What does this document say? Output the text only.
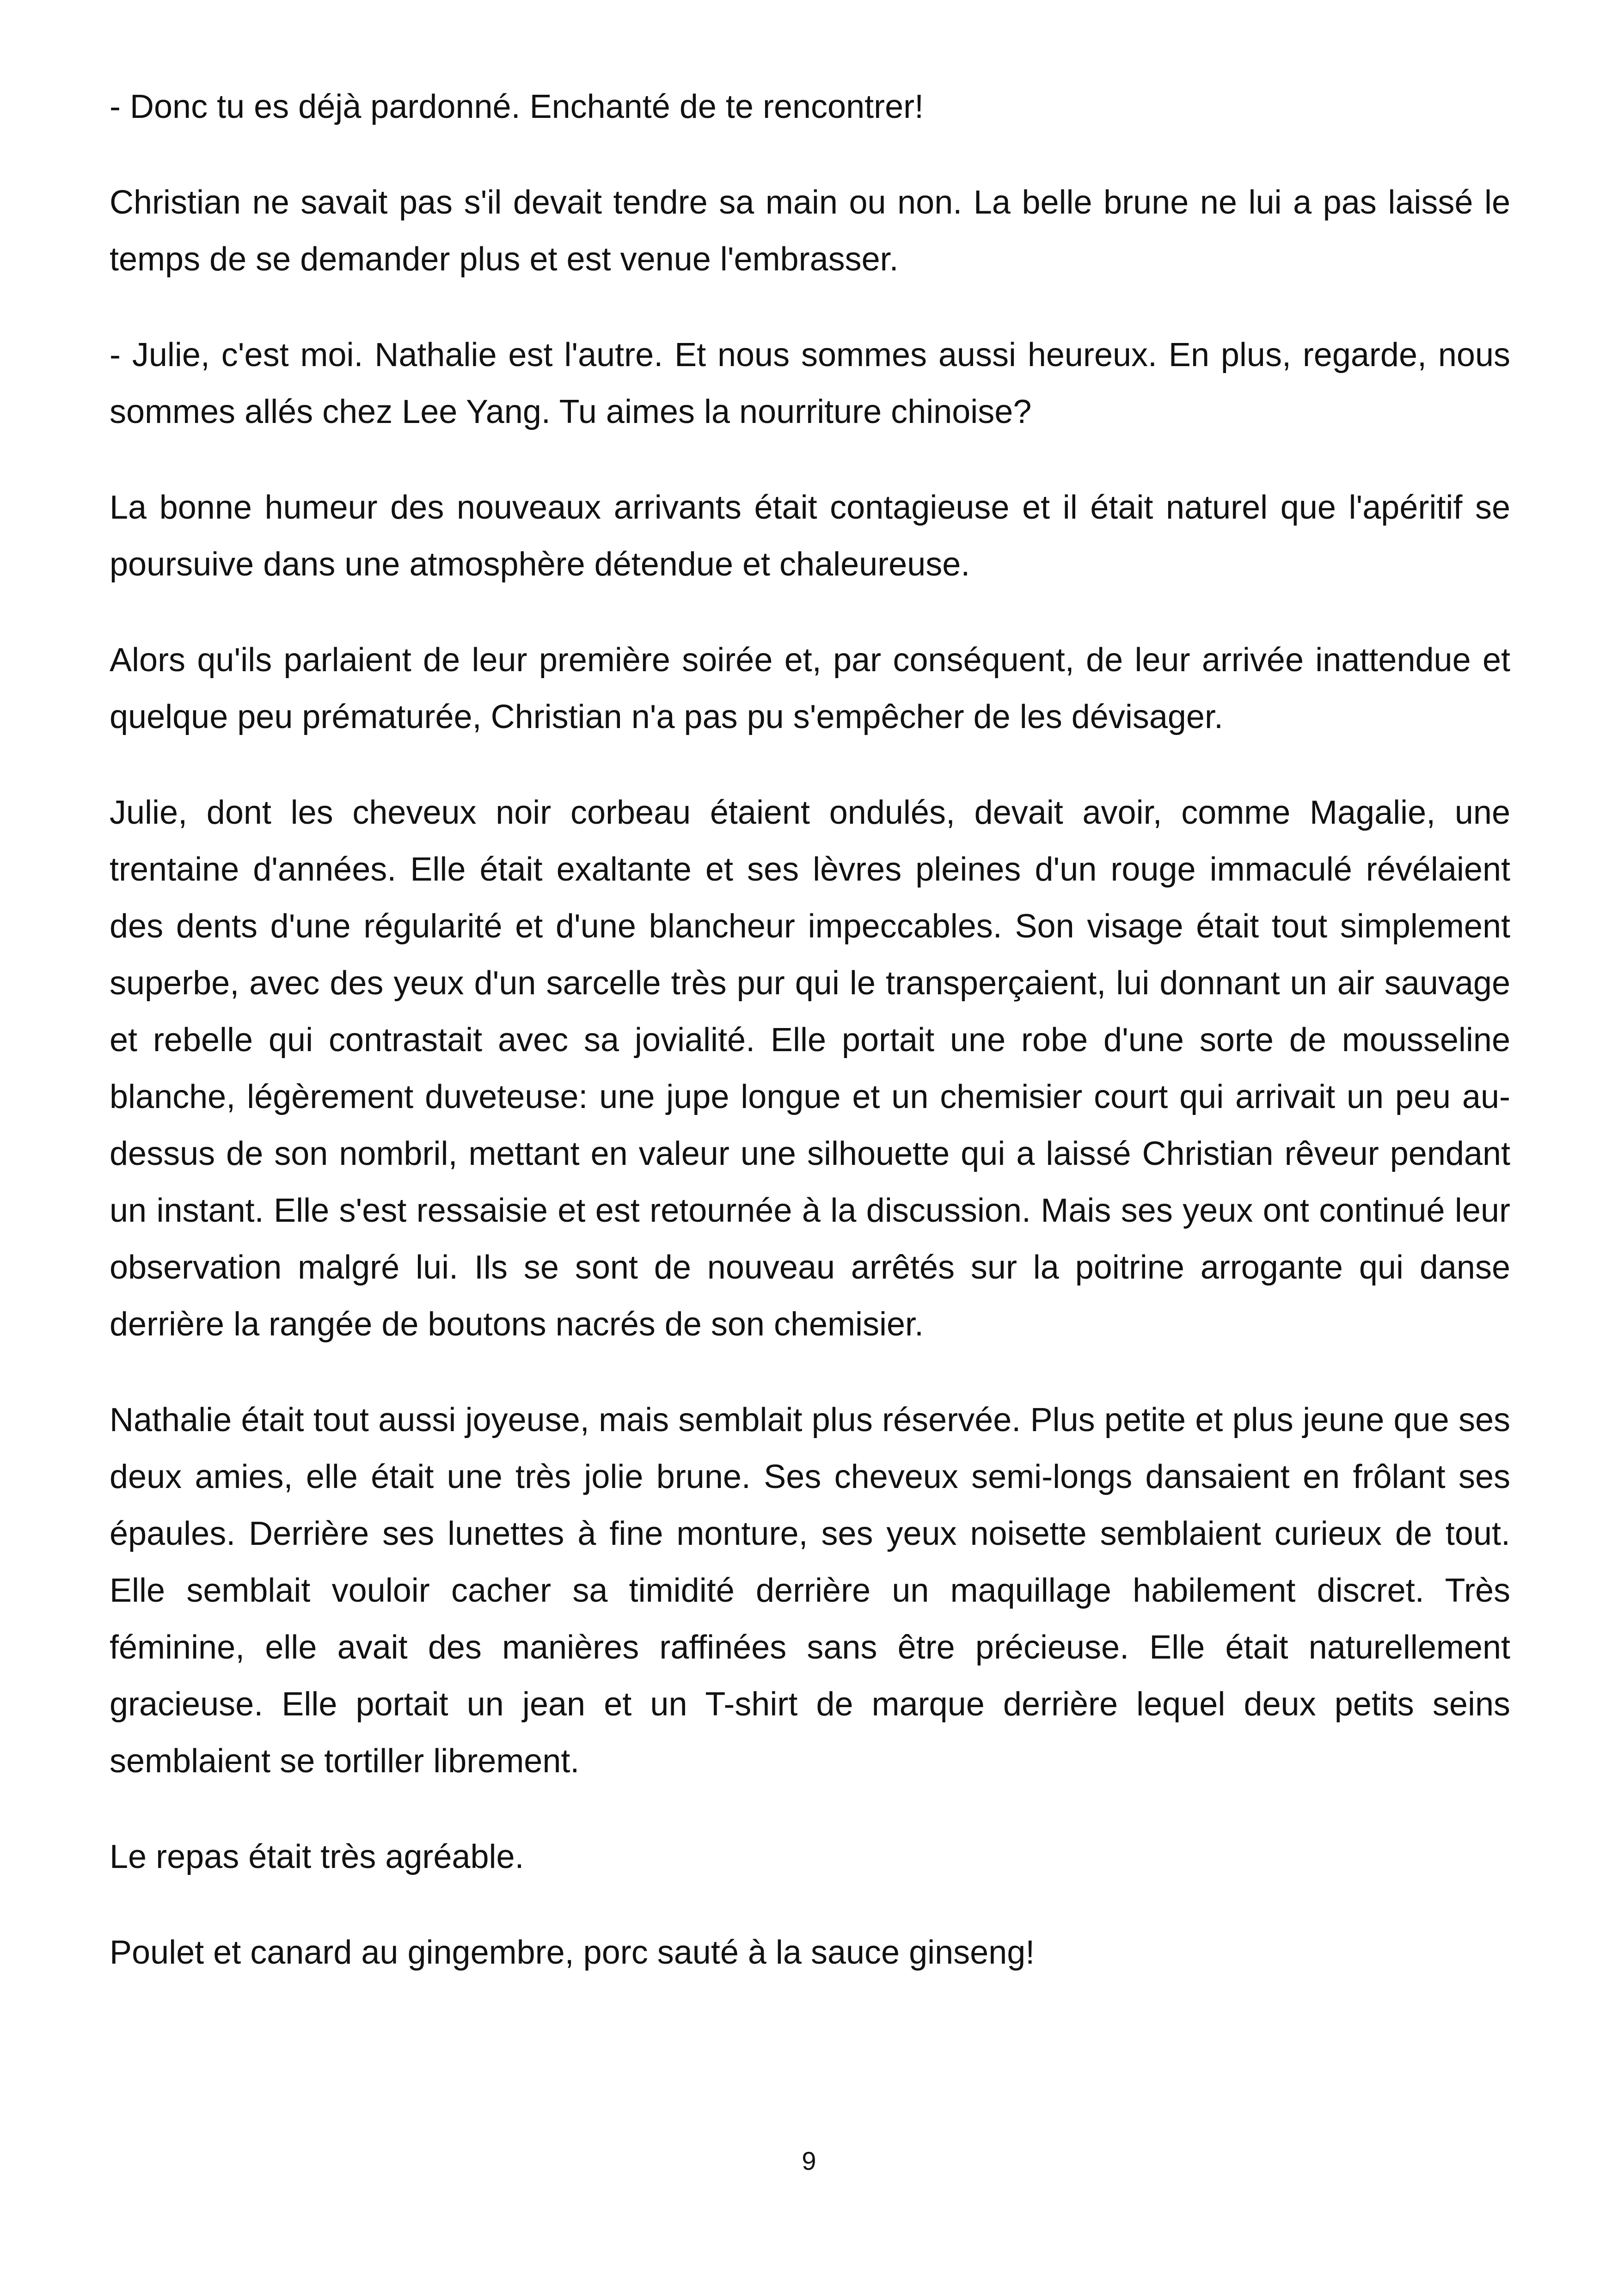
- Donc tu es déjà pardonné. Enchanté de te rencontrer!

Christian ne savait pas s'il devait tendre sa main ou non. La belle brune ne lui a pas laissé le temps de se demander plus et est venue l'embrasser.

- Julie, c'est moi. Nathalie est l'autre. Et nous sommes aussi heureux. En plus, regarde, nous sommes allés chez Lee Yang. Tu aimes la nourriture chinoise?

La bonne humeur des nouveaux arrivants était contagieuse et il était naturel que l'apéritif se poursuive dans une atmosphère détendue et chaleureuse.

Alors qu'ils parlaient de leur première soirée et, par conséquent, de leur arrivée inattendue et quelque peu prématurée, Christian n'a pas pu s'empêcher de les dévisager.

Julie, dont les cheveux noir corbeau étaient ondulés, devait avoir, comme Magalie, une trentaine d'années. Elle était exaltante et ses lèvres pleines d'un rouge immaculé révélaient des dents d'une régularité et d'une blancheur impeccables. Son visage était tout simplement superbe, avec des yeux d'un sarcelle très pur qui le transperçaient, lui donnant un air sauvage et rebelle qui contrastait avec sa jovialité. Elle portait une robe d'une sorte de mousseline blanche, légèrement duveteuse: une jupe longue et un chemisier court qui arrivait un peu au-dessus de son nombril, mettant en valeur une silhouette qui a laissé Christian rêveur pendant un instant. Elle s'est ressaisie et est retournée à la discussion. Mais ses yeux ont continué leur observation malgré lui. Ils se sont de nouveau arrêtés sur la poitrine arrogante qui danse derrière la rangée de boutons nacrés de son chemisier.

Nathalie était tout aussi joyeuse, mais semblait plus réservée. Plus petite et plus jeune que ses deux amies, elle était une très jolie brune. Ses cheveux semi-longs dansaient en frôlant ses épaules. Derrière ses lunettes à fine monture, ses yeux noisette semblaient curieux de tout. Elle semblait vouloir cacher sa timidité derrière un maquillage habilement discret. Très féminine, elle avait des manières raffinées sans être précieuse. Elle était naturellement gracieuse. Elle portait un jean et un T-shirt de marque derrière lequel deux petits seins semblaient se tortiller librement.

Le repas était très agréable.

Poulet et canard au gingembre, porc sauté à la sauce ginseng!

9
